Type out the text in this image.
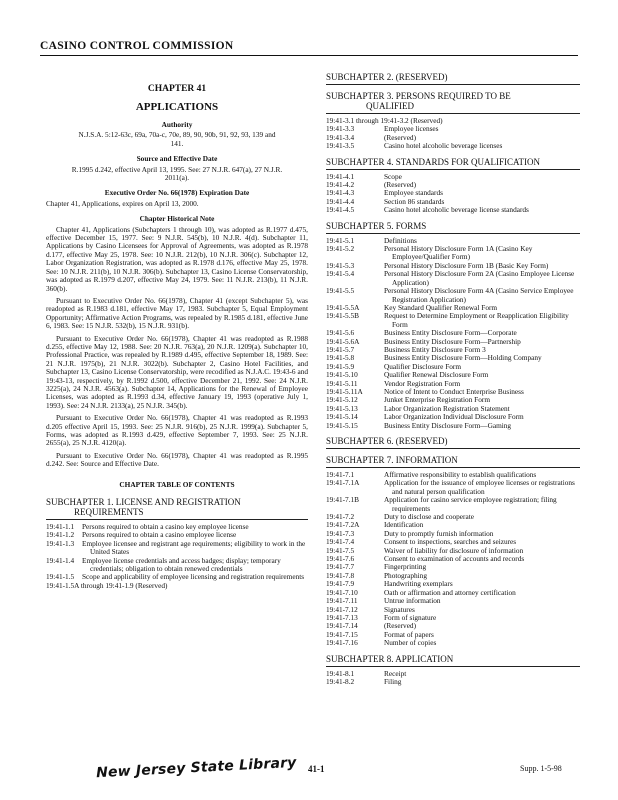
CASINO CONTROL COMMISSION
CHAPTER 41
APPLICATIONS
Authority
N.J.S.A. 5:12-63c, 69a, 70a-c, 70e, 89, 90, 90b, 91, 92, 93, 139 and 141.
Source and Effective Date
R.1995 d.242, effective April 13, 1995. See: 27 N.J.R. 647(a), 27 N.J.R. 2011(a).
Executive Order No. 66(1978) Expiration Date
Chapter 41, Applications, expires on April 13, 2000.
Chapter Historical Note

Chapter 41, Applications (Subchapters 1 through 10), was adopted as R.1977 d.475, effective December 15, 1977. See: 9 N.J.R. 545(b), 10 N.J.R. 4(d). Subchapter 11, Applications by Casino Licensees for Approval of Agreements, was adopted as R.1978 d.177, effective May 25, 1978. See: 10 N.J.R. 212(b), 10 N.J.R. 306(c). Subchapter 12, Labor Organization Registration, was adopted as R.1978 d.176, effective May 25, 1978. See: 10 N.J.R. 211(b), 10 N.J.R. 306(b). Subchapter 13, Casino License Conservatorship, was adopted as R.1979 d.207, effective May 24, 1979. See: 11 N.J.R. 213(b), 11 N.J.R. 360(b).

Pursuant to Executive Order No. 66(1978), Chapter 41 (except Subchapter 5), was readopted as R.1983 d.181, effective May 17, 1983. Subchapter 5, Equal Employment Opportunity; Affirmative Action Programs, was repealed by R.1985 d.181, effective June 6, 1983. See: 15 N.J.R. 532(b), 15 N.J.R. 931(b).

Pursuant to Executive Order No. 66(1978), Chapter 41 was readopted as R.1988 d.255, effective May 12, 1988. See: 20 N.J.R. 763(a), 20 N.J.R. 1209(a). Subchapter 10, Professional Practice, was repealed by R.1989 d.495, effective September 18, 1989. See: 21 N.J.R. 1975(b), 21 N.J.R. 3022(b). Subchapter 2, Casino Hotel Facilities, and Subchapter 13, Casino License Conservatorship, were recodified as N.J.A.C. 19:43-6 and 19:43-13, respectively, by R.1992 d.500, effective December 21, 1992. See: 24 N.J.R. 3225(a), 24 N.J.R. 4563(a). Subchapter 14, Applications for the Renewal of Employee Licenses, was adopted as R.1993 d.34, effective January 19, 1993 (operative July 1, 1993). See: 24 N.J.R. 2133(a), 25 N.J.R. 345(b).

Pursuant to Executive Order No. 66(1978), Chapter 41 was readopted as R.1993 d.205 effective April 15, 1993. See: 25 N.J.R. 916(b), 25 N.J.R. 1999(a). Subchapter 5, Forms, was adopted as R.1993 d.429, effective September 7, 1993. See: 25 N.J.R. 2655(a), 25 N.J.R. 4120(a).

Pursuant to Executive Order No. 66(1978), Chapter 41 was readopted as R.1995 d.242. See: Source and Effective Date.

CHAPTER TABLE OF CONTENTS
SUBCHAPTER 1. LICENSE AND REGISTRATION
REQUIREMENTS
19:41-1.1	Persons required to obtain a casino key employee license
19:41-1.2	Persons required to obtain a casino employee license
19:41-1.3	Employee licensee and registrant age requirements; eligibility to work in the United States
19:41-1.4	Employee license credentials and access badges; display; temporary credentials; obligation to obtain renewed credentials
19:41-1.5	Scope and applicability of employee licensing and registration requirements
19:41-1.5A through 19:41-1.9 (Reserved)
SUBCHAPTER 2. (RESERVED)
SUBCHAPTER 3. PERSONS REQUIRED TO BE
QUALIFIED
19:41-3.1 through 19:41-3.2 (Reserved)
19:41-3.3	Employee licenses
19:41-3.4	(Reserved)
19:41-3.5	Casino hotel alcoholic beverage licenses
SUBCHAPTER 4. STANDARDS FOR QUALIFICATION
19:41-4.1	Scope
19:41-4.2	(Reserved)
19:41-4.3	Employee standards
19:41-4.4	Section 86 standards
19:41-4.5	Casino hotel alcoholic beverage license standards
SUBCHAPTER 5. FORMS
19:41-5.1	Definitions
19:41-5.2	Personal History Disclosure Form 1A (Casino Key Employee/Qualifier Form)
19:41-5.3	Personal History Disclosure Form 1B (Basic Key Form)
19:41-5.4	Personal History Disclosure Form 2A (Casino Employee License Application)
19:41-5.5	Personal History Disclosure Form 4A (Casino Service Employee Registration Application)
19:41-5.5A	Key Standard Qualifier Renewal Form
19:41-5.5B	Request to Determine Employment or Reapplication Eligibility Form
19:41-5.6	Business Entity Disclosure Form—Corporate
19:41-5.6A	Business Entity Disclosure Form—Partnership
19:41-5.7	Business Entity Disclosure Form 3
19:41-5.8	Business Entity Disclosure Form—Holding Company
19:41-5.9	Qualifier Disclosure Form
19:41-5.10	Qualifier Renewal Disclosure Form
19:41-5.11	Vendor Registration Form
19:41-5.11A	Notice of Intent to Conduct Enterprise Business
19:41-5.12	Junket Enterprise Registration Form
19:41-5.13	Labor Organization Registration Statement
19:41-5.14	Labor Organization Individual Disclosure Form
19:41-5.15	Business Entity Disclosure Form—Gaming
SUBCHAPTER 6. (RESERVED)
SUBCHAPTER 7. INFORMATION
19:41-7.1	Affirmative responsibility to establish qualifications
19:41-7.1A	Application for the issuance of employee licenses or registrations and natural person qualification
19:41-7.1B	Application for casino service employee registration; filing requirements
19:41-7.2	Duty to disclose and cooperate
19:41-7.2A	Identification
19:41-7.3	Duty to promptly furnish information
19:41-7.4	Consent to inspections, searches and seizures
19:41-7.5	Waiver of liability for disclosure of information
19:41-7.6	Consent to examination of accounts and records
19:41-7.7	Fingerprinting
19:41-7.8	Photographing
19:41-7.9	Handwriting exemplars
19:41-7.10	Oath or affirmation and attorney certification
19:41-7.11	Untrue information
19:41-7.12	Signatures
19:41-7.13	Form of signature
19:41-7.14	(Reserved)
19:41-7.15	Format of papers
19:41-7.16	Number of copies
SUBCHAPTER 8. APPLICATION
19:41-8.1	Receipt
19:41-8.2	Filing
New Jersey State Library 41-1	Supp. 1-5-98
